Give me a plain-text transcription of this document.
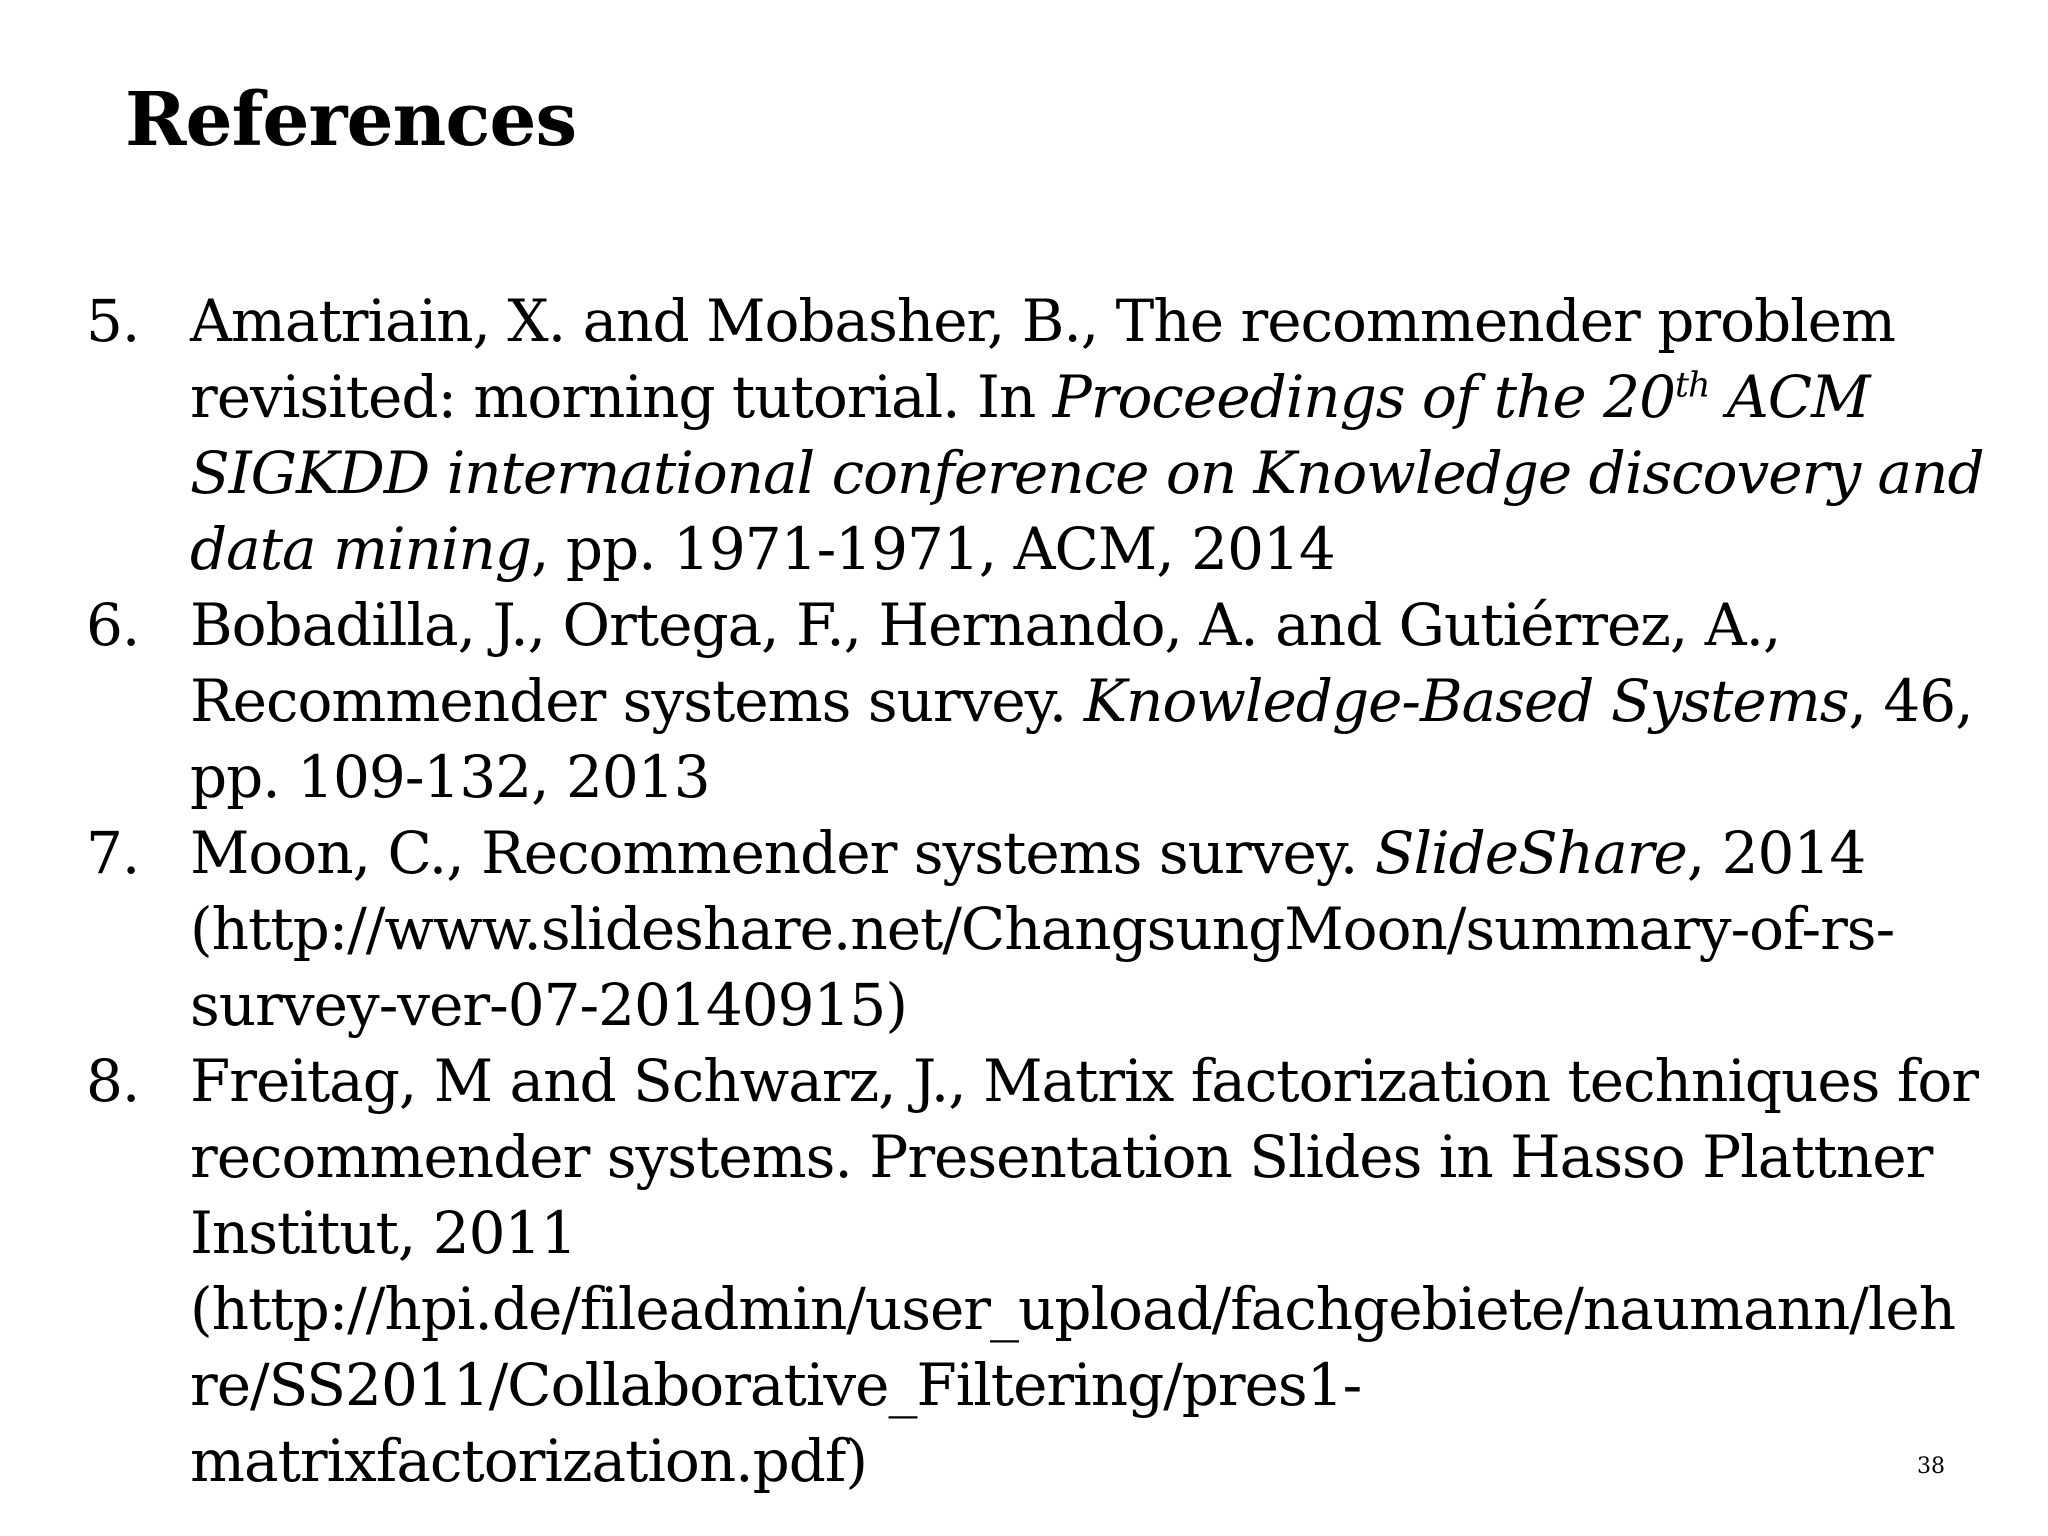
References
5. Amatriain, X. and Mobasher, B., The recommender problem
revisited: morning tutorial. In Proceedings of the 20th ACM
SIGKDD international conference on Knowledge discovery and
data mining, pp. 1971-1971, ACM, 2014
6. Bobadilla, J., Ortega, F., Hernando, A. and Gutiérrez, A.,
Recommender systems survey. Knowledge-Based Systems, 46,
pp. 109-132, 2013
7. Moon, C., Recommender systems survey. SlideShare, 2014
(http://www.slideshare.net/ChangsungMoon/summary-of-rs-
survey-ver-07-20140915)
8. Freitag, M and Schwarz, J., Matrix factorization techniques for
recommender systems. Presentation Slides in Hasso Plattner
Institut, 2011
(http://hpi.de/fileadmin/user_upload/fachgebiete/naumann/leh
re/SS2011/Collaborative_Filtering/pres1-
matrixfactorization.pdf)	38
